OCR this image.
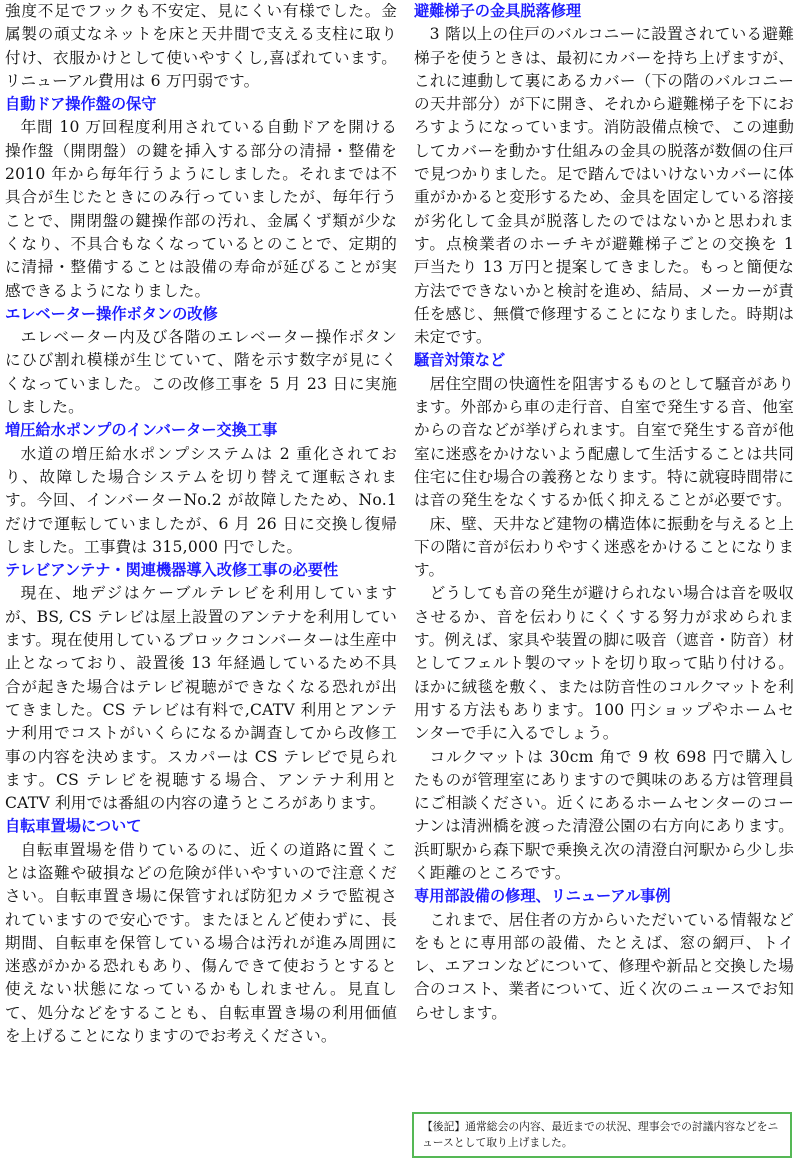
強度不足でフックも不安定、見にくい有様でした。金属製の頑丈なネットを床と天井間で支える支柱に取り付け、衣服かけとして使いやすくし,喜ばれています。リニューアル費用は 6 万円弱です。

自動ドア操作盤の保守

年間 10 万回程度利用されている自動ドアを開ける操作盤（開閉盤）の鍵を挿入する部分の清掃・整備を 2010 年から毎年行うようにしました。それまでは不具合が生じたときにのみ行っていましたが、毎年行うことで、開閉盤の鍵操作部の汚れ、金属くず類が少なくなり、不具合もなくなっているとのことで、定期的に清掃・整備することは設備の寿命が延びることが実感できるようになりました。

エレベーター操作ボタンの改修

エレベーター内及び各階のエレベーター操作ボタンにひび割れ模様が生じていて、階を示す数字が見にくくなっていました。この改修工事を 5 月 23 日に実施しました。

増圧給水ポンプのインバーター交換工事

水道の増圧給水ポンプシステムは 2 重化されており、故障した場合システムを切り替えて運転されます。今回、インバーターNo.2 が故障したため、No.1 だけで運転していましたが、6 月 26 日に交換し復帰しました。工事費は 315,000 円でした。

テレビアンテナ・関連機器導入改修工事の必要性

現在、地デジはケーブルテレビを利用していますが、BS, CS テレビは屋上設置のアンテナを利用しています。現在使用しているブロックコンバーターは生産中止となっており、設置後 13 年経過しているため不具合が起きた場合はテレビ視聴ができなくなる恐れが出てきました。CS テレビは有料で,CATV 利用とアンテナ利用でコストがいくらになるか調査してから改修工事の内容を決めます。スカパーは CS テレビで見られます。CS テレビを視聴する場合、アンテナ利用と CATV 利用では番組の内容の違うところがあります。

自転車置場について

自転車置場を借りているのに、近くの道路に置くことは盗難や破損などの危険が伴いやすいので注意ください。自転車置き場に保管すれば防犯カメラで監視されていますので安心です。またほとんど使わずに、長期間、自転車を保管している場合は汚れが進み周囲に迷惑がかかる恐れもあり、傷んできて使おうとすると使えない状態になっているかもしれません。見直して、処分などをすることも、自転車置き場の利用価値を上げることになりますのでお考えください。

避難梯子の金具脱落修理

3 階以上の住戸のバルコニーに設置されている避難梯子を使うときは、最初にカバーを持ち上げますが、これに連動して裏にあるカバー（下の階のバルコニーの天井部分）が下に開き、それから避難梯子を下におろすようになっています。消防設備点検で、この連動してカバーを動かす仕組みの金具の脱落が数個の住戸で見つかりました。足で踏んではいけないカバーに体重がかかると変形するため、金具を固定している溶接が劣化して金具が脱落したのではないかと思われます。点検業者のホーチキが避難梯子ごとの交換を 1 戸当たり 13 万円と提案してきました。もっと簡便な方法でできないかと検討を進め、結局、メーカーが責任を感じ、無償で修理することになりました。時期は未定です。

騒音対策など

居住空間の快適性を阻害するものとして騒音があります。外部から車の走行音、自室で発生する音、他室からの音などが挙げられます。自室で発生する音が他室に迷惑をかけないよう配慮して生活することは共同住宅に住む場合の義務となります。特に就寝時間帯には音の発生をなくするか低く抑えることが必要です。

床、壁、天井など建物の構造体に振動を与えると上下の階に音が伝わりやすく迷惑をかけることになります。

どうしても音の発生が避けられない場合は音を吸収させるか、音を伝わりにくくする努力が求められます。例えば、家具や装置の脚に吸音（遮音・防音）材としてフェルト製のマットを切り取って貼り付ける。ほかに絨毯を敷く、または防音性のコルクマットを利用する方法もあります。100 円ショップやホームセンターで手に入るでしょう。

コルクマットは 30cm 角で 9 枚 698 円で購入したものが管理室にありますので興味のある方は管理員にご相談ください。近くにあるホームセンターのコーナンは清洲橋を渡った清澄公園の右方向にあります。浜町駅から森下駅で乗換え次の清澄白河駅から少し歩く距離のところです。

専用部設備の修理、リニューアル事例

これまで、居住者の方からいただいている情報などをもとに専用部の設備、たとえば、窓の網戸、トイレ、エアコンなどについて、修理や新品と交換した場合のコスト、業者について、近く次のニュースでお知らせします。

【後記】通常総会の内容、最近までの状況、理事会での討議内容などをニュースとして取り上げました。
